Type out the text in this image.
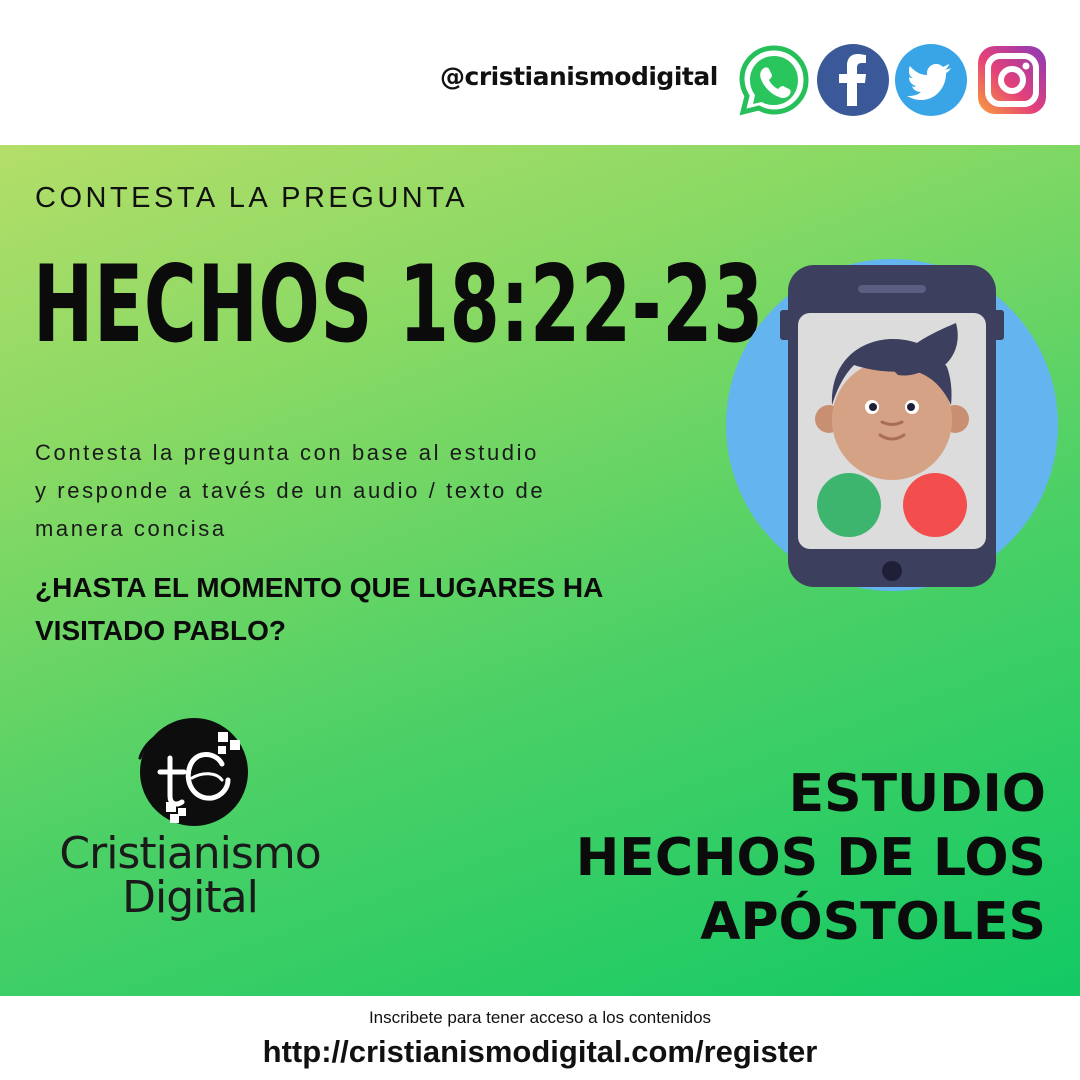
@cristianismodigital
CONTESTA LA PREGUNTA
HECHOS 18:22-23
Contesta la pregunta con base al estudio y responde a tavés de un audio / texto de manera concisa
¿HASTA EL MOMENTO QUE LUGARES HA VISITADO PABLO?
Cristianismo
Digital
ESTUDIO
HECHOS DE LOS
APÓSTOLES
Inscribete para tener acceso a los contenidos
http://cristianismodigital.com/register
